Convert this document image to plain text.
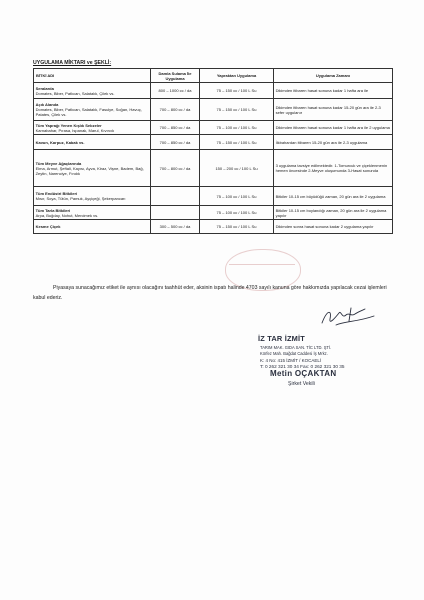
UYGULAMA MİKTARI ve ŞEKLİ:
BİTKİ ADI	Damla Sulama İle Uygulama	Yapraktan Uygulama	Uygulama Zamanı

Seralarda
Domates, Biber, Patlıcan, Salatalık, Çilek vs.	800 – 1000 cc / da	75 – 150 cc / 100 L Su	Dikimden itibaren hasat sonuna kadar 1 hafta ara ile

Açık Alanda
Domates, Biber, Patlıcan, Salatalık, Fasulye, Soğan, Havuç, Patates, Çilek vs.	700 – 800 cc / da	75 – 150 cc / 100 L Su	Dikimden itibaren hasat sonuna kadar 15-20 gün ara ile 2-3 sefer uygulanır

Tüm Yaprağı Yenen Kışlık Sebzeler
Karnabahar, Pırasa, Ispanak, Marul, Kıvırcık	700 – 850 cc / da	75 – 100 cc / 100 L Su	Dikimden itibaren hasat sonuna kadar 1 hafta ara ile 2 uygulama

Kavun, Karpuz, Kabak vs.	700 – 850 cc / da	75 – 150 cc / 100 L Su	İlkbahardan itibaren 15-20 gün ara ile 2-3 uygulama

Tüm Meyve Ağaçlarında
Elma, Armut, Şeftali, Kayısı, Ayva, Kiraz, Vişne, Badem, Bağ, Zeytin, Narenciye, Fındık	700 – 800 cc / da	150 – 200 cc / 100 L Su	3 uygulama tavsiye edilmektedir. 1-Tomurcuk ve çiçeklenmenin hemen öncesinde 2-Meyve oluşumunda 3-Hasat sonunda

Tüm Endüstri Bitkileri
Mısır, Soya, Tütün, Pamuk, Ayçiçeği, Şekerpancarı		75 – 100 cc / 100 L Su	Bitkiler 10-15 cm büyüdüğü zaman, 20 gün ara ile 2 uygulama

Tüm Tarla Bitkileri
Arpa, Buğday, Nohut, Mercimek vs.		75 – 100 cc / 100 L Su	Bitkiler 10-15 cm boylandığı zaman, 20 gün ara ile 2 uygulama yapılır

Kesme Çiçek	300 – 500 cc / da	75 – 150 cc / 100 L Su	Dikimden sonra hasat sonuna kadar 2 uygulama yapılır

Piyasaya sunacağımız etiket ile aynısı olacağını taahhüt eder, aksinin ispatı halinde 4703 sayılı kanuna göre hakkımızda yapılacak cezai işlemleri kabul ederiz.

İZ TAR İZMİT
TARIM MAK. GIDA SAN. TİC LTD. ŞTİ.
Körfez Mah. Bağdat Caddesi İş Mrkz.
K: 4 No: 415 İZMİT / KOCAELİ
T: 0 262 321 30 34 Fax: 0 262 321 30 35
Metin OÇAKTAN
Şirket Vekili
